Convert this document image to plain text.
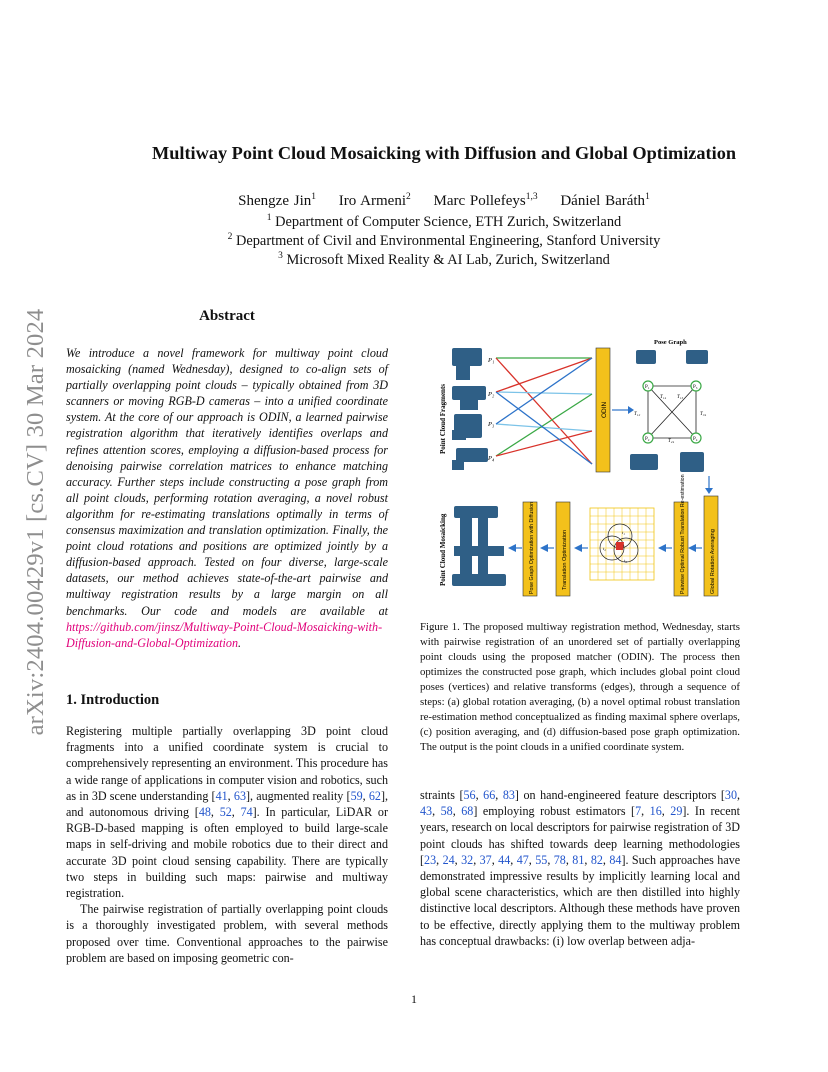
arXiv:2404.00429v1 [cs.CV] 30 Mar 2024
Multiway Point Cloud Mosaicking with Diffusion and Global Optimization
Shengze Jin$^1$ Iro Armeni$^2$ Marc Pollefeys$^{1,3}$ Dániel Baráth$^1$
$^1$ Department of Computer Science, ETH Zurich, Switzerland
$^2$ Department of Civil and Environmental Engineering, Stanford University
$^3$ Microsoft Mixed Reality & AI Lab, Zurich, Switzerland
Abstract
We introduce a novel framework for multiway point cloud mosaicking (named Wednesday), designed to co-align sets of partially overlapping point clouds – typically obtained from 3D scanners or moving RGB-D cameras – into a unified coordinate system. At the core of our approach is ODIN, a learned pairwise registration algorithm that iteratively identifies overlaps and refines attention scores, employing a diffusion-based process for denoising pairwise correlation matrices to enhance matching accuracy. Further steps include constructing a pose graph from all point clouds, performing rotation averaging, a novel robust algorithm for re-estimating translations optimally in terms of consensus maximization and translation optimization. Finally, the point cloud rotations and positions are optimized jointly by a diffusion-based approach. Tested on four diverse, large-scale datasets, our method achieves state-of-the-art pairwise and multiway registration results by a large margin on all benchmarks. Our code and models are available at https://github.com/jinsz/Multiway-Point-Cloud-Mosaicking-with-Diffusion-and-Global-Optimization.
1. Introduction

Registering multiple partially overlapping 3D point cloud fragments into a unified coordinate system is crucial to comprehensively representing an environment. This procedure has a wide range of applications in computer vision and robotics, such as in 3D scene understanding [41, 63], augmented reality [59, 62], and autonomous driving [48, 52, 74]. In particular, LiDAR or RGB-D-based mapping is often employed to build large-scale maps in self-driving and mobile robotics due to their direct and accurate 3D point cloud sensing capability. There are typically two steps in building such maps: pairwise and multiway registration.

The pairwise registration of partially overlapping point clouds is a thoroughly investigated problem, with several methods proposed over time. Conventional approaches to the pairwise problem are based on imposing geometric con-

Point Cloud Fragments
P₁
P₂
P₃
P₄
ODIN
Pose Graph
P₁	P₃
P₂	P₄
T₁₂
T₁₄ T₁₃
T₃₄
T₂₄
Point Cloud Mosaicking	Pose Graph Optimization with Diffusion	Translation Optimization	t₁
t₂
t₃	Pairwise Optimal Robust Translation Re-estimation	Global Rotation Averaging
Figure 1. The proposed multiway registration method, Wednesday, starts with pairwise registration of an unordered set of partially overlapping point clouds using the proposed matcher (ODIN). The process then optimizes the constructed pose graph, which includes global point cloud poses (vertices) and relative transforms (edges), through a sequence of steps: (a) global rotation averaging, (b) a novel optimal robust translation re-estimation method conceptualized as finding maximal sphere overlaps, (c) position averaging, and (d) diffusion-based pose graph optimization. The output is the point clouds in a unified coordinate system.
straints [56, 66, 83] on hand-engineered feature descriptors [30, 43, 58, 68] employing robust estimators [7, 16, 29]. In recent years, research on local descriptors for pairwise registration of 3D point clouds has shifted towards deep learning methodologies [23, 24, 32, 37, 44, 47, 55, 78, 81, 82, 84]. Such approaches have demonstrated impressive results by implicitly learning local and global scene characteristics, which are then distilled into highly distinctive local descriptors. Although these methods have proven to be effective, directly applying them to the multiway problem has conceptual drawbacks: (i) low overlap between adja-
1
